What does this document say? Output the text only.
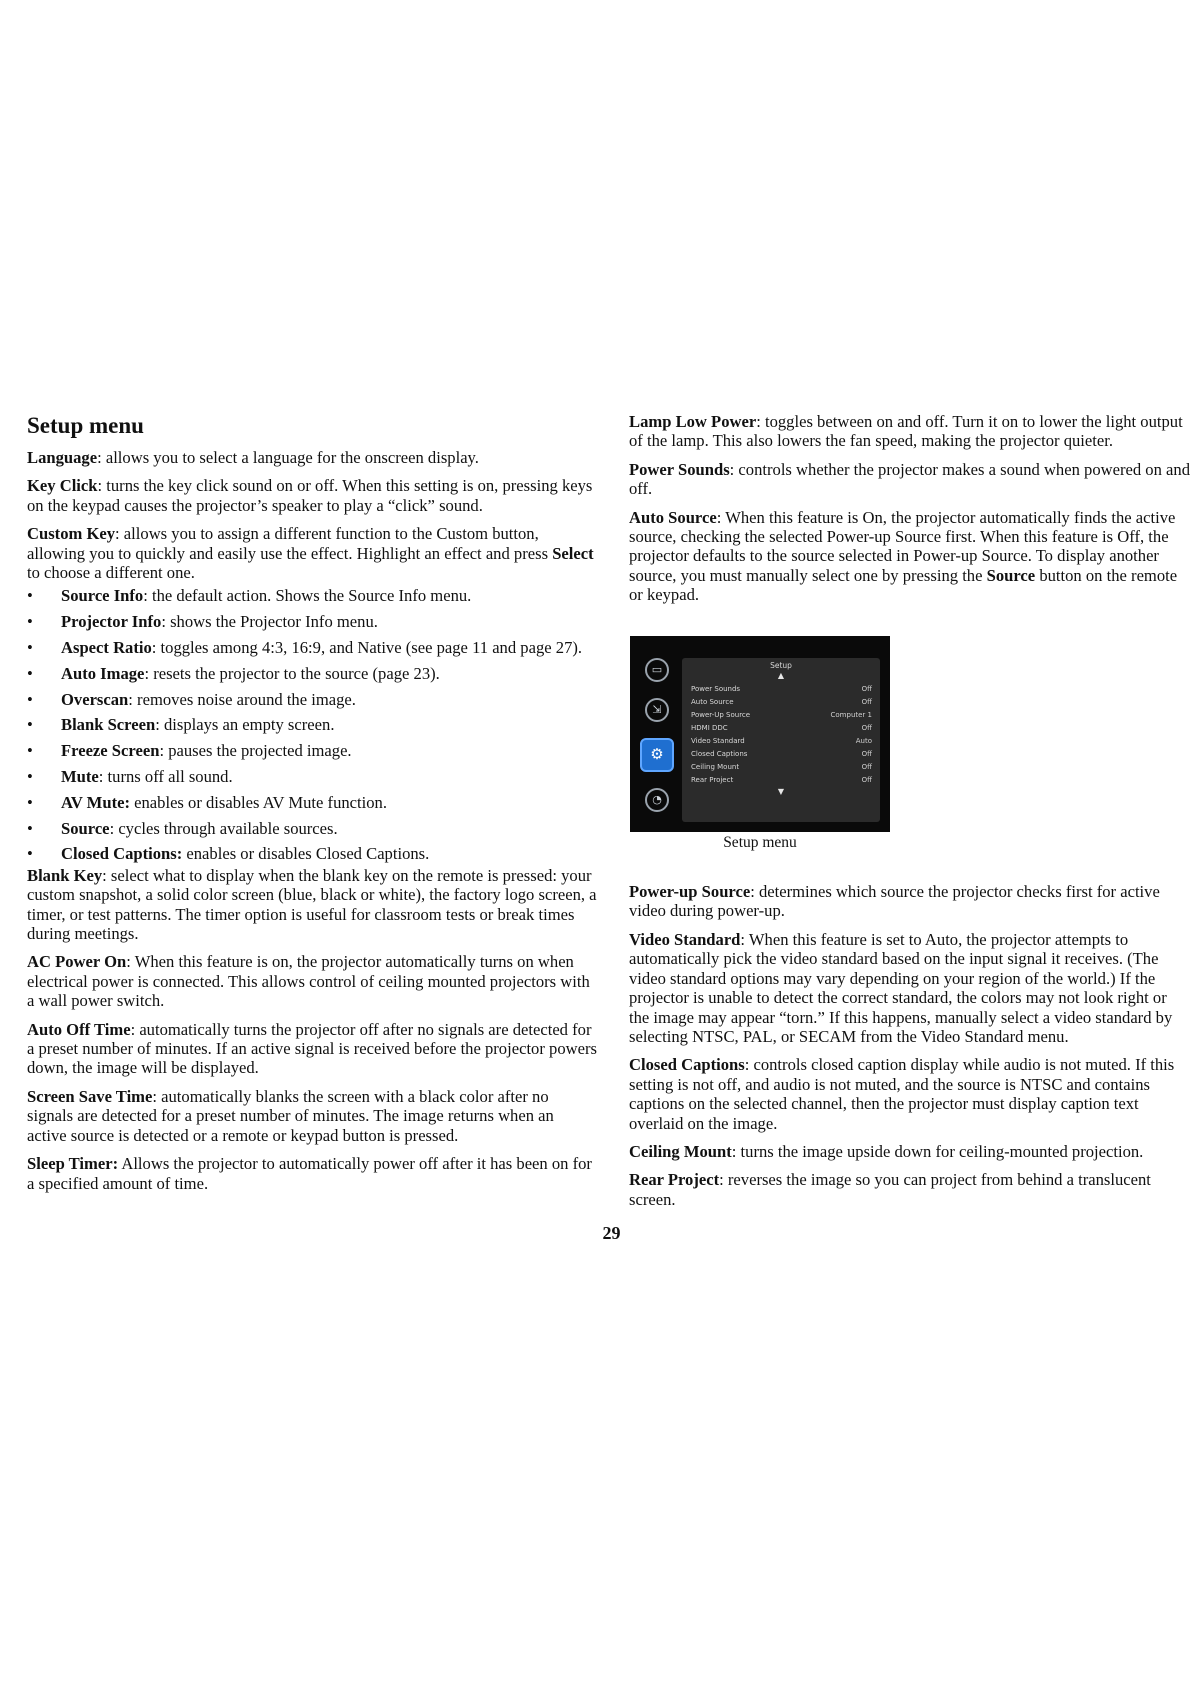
Setup menu

Language: allows you to select a language for the onscreen display.

Key Click: turns the key click sound on or off. When this setting is on, pressing keys on the keypad causes the projector’s speaker to play a “click” sound.

Custom Key: allows you to assign a different function to the Custom button, allowing you to quickly and easily use the effect. Highlight an effect and press Select to choose a different one.

• Source Info: the default action. Shows the Source Info menu.
• Projector Info: shows the Projector Info menu.
• Aspect Ratio: toggles among 4:3, 16:9, and Native (see page 11 and page 27).
• Auto Image: resets the projector to the source (page 23).
• Overscan: removes noise around the image.
• Blank Screen: displays an empty screen.
• Freeze Screen: pauses the projected image.
• Mute: turns off all sound.
• AV Mute: enables or disables AV Mute function.
• Source: cycles through available sources.
• Closed Captions: enables or disables Closed Captions.

Blank Key: select what to display when the blank key on the remote is pressed: your custom snapshot, a solid color screen (blue, black or white), the factory logo screen, a timer, or test patterns. The timer option is useful for classroom tests or break times during meetings.

AC Power On: When this feature is on, the projector automatically turns on when electrical power is connected. This allows control of ceiling mounted projectors with a wall power switch.

Auto Off Time: automatically turns the projector off after no signals are detected for a preset number of minutes. If an active signal is received before the projector powers down, the image will be displayed.

Screen Save Time: automatically blanks the screen with a black color after no signals are detected for a preset number of minutes. The image returns when an active source is detected or a remote or keypad button is pressed.

Sleep Timer: Allows the projector to automatically power off after it has been on for a specified amount of time.

Lamp Low Power: toggles between on and off. Turn it on to lower the light output of the lamp. This also lowers the fan speed, making the projector quieter.

Power Sounds: controls whether the projector makes a sound when powered on and off.

Auto Source: When this feature is On, the projector automatically finds the active source, checking the selected Power-up Source first. When this feature is Off, the projector defaults to the source selected in Power-up Source. To display another source, you must manually select one by pressing the Source button on the remote or keypad.

▭
⇲
⚙
◔
Setup
▲
Power Sounds	Off
Auto Source	Off
Power-Up Source	Computer 1
HDMI DDC	Off
Video Standard	Auto
Closed Captions	Off
Ceiling Mount	Off
Rear Project	Off
▼
Setup menu

Power-up Source: determines which source the projector checks first for active video during power-up.

Video Standard: When this feature is set to Auto, the projector attempts to automatically pick the video standard based on the input signal it receives. (The video standard options may vary depending on your region of the world.) If the projector is unable to detect the correct standard, the colors may not look right or the image may appear “torn.” If this happens, manually select a video standard by selecting NTSC, PAL, or SECAM from the Video Standard menu.

Closed Captions: controls closed caption display while audio is not muted. If this setting is not off, and audio is not muted, and the source is NTSC and contains captions on the selected channel, then the projector must display caption text overlaid on the image.

Ceiling Mount: turns the image upside down for ceiling-mounted projection.

Rear Project: reverses the image so you can project from behind a translucent screen.

29
